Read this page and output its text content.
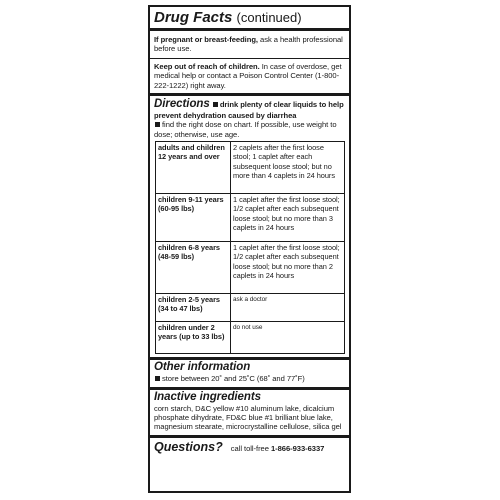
Drug Facts (continued)
If pregnant or breast-feeding, ask a health professional before use.
Keep out of reach of children. In case of overdose, get medical help or contact a Poison Control Center (1-800-222-1222) right away.
Directions drink plenty of clear liquids to help prevent dehydration caused by diarrhea
find the right dose on chart. If possible, use weight to dose; otherwise, use age.
adults and children 12 years and over	2 caplets after the first loose stool; 1 caplet after each subsequent loose stool; but no more than 4 caplets in 24 hours
children 9-11 years (60-95 lbs)	1 caplet after the first loose stool; 1/2 caplet after each subsequent loose stool; but no more than 3 caplets in 24 hours
children 6-8 years (48-59 lbs)	1 caplet after the first loose stool; 1/2 caplet after each subsequent loose stool; but no more than 2 caplets in 24 hours
children 2-5 years (34 to 47 lbs)	ask a doctor
children under 2 years (up to 33 lbs)	do not use
Other information
store between 20˚ and 25˚C (68˚ and 77˚F)
Inactive ingredients
corn starch, D&C yellow #10 aluminum lake, dicalcium phosphate dihydrate, FD&C blue #1 brilliant blue lake, magnesium stearate, microcrystalline cellulose, silica gel
Questions? call toll-free 1-866-933-6337
